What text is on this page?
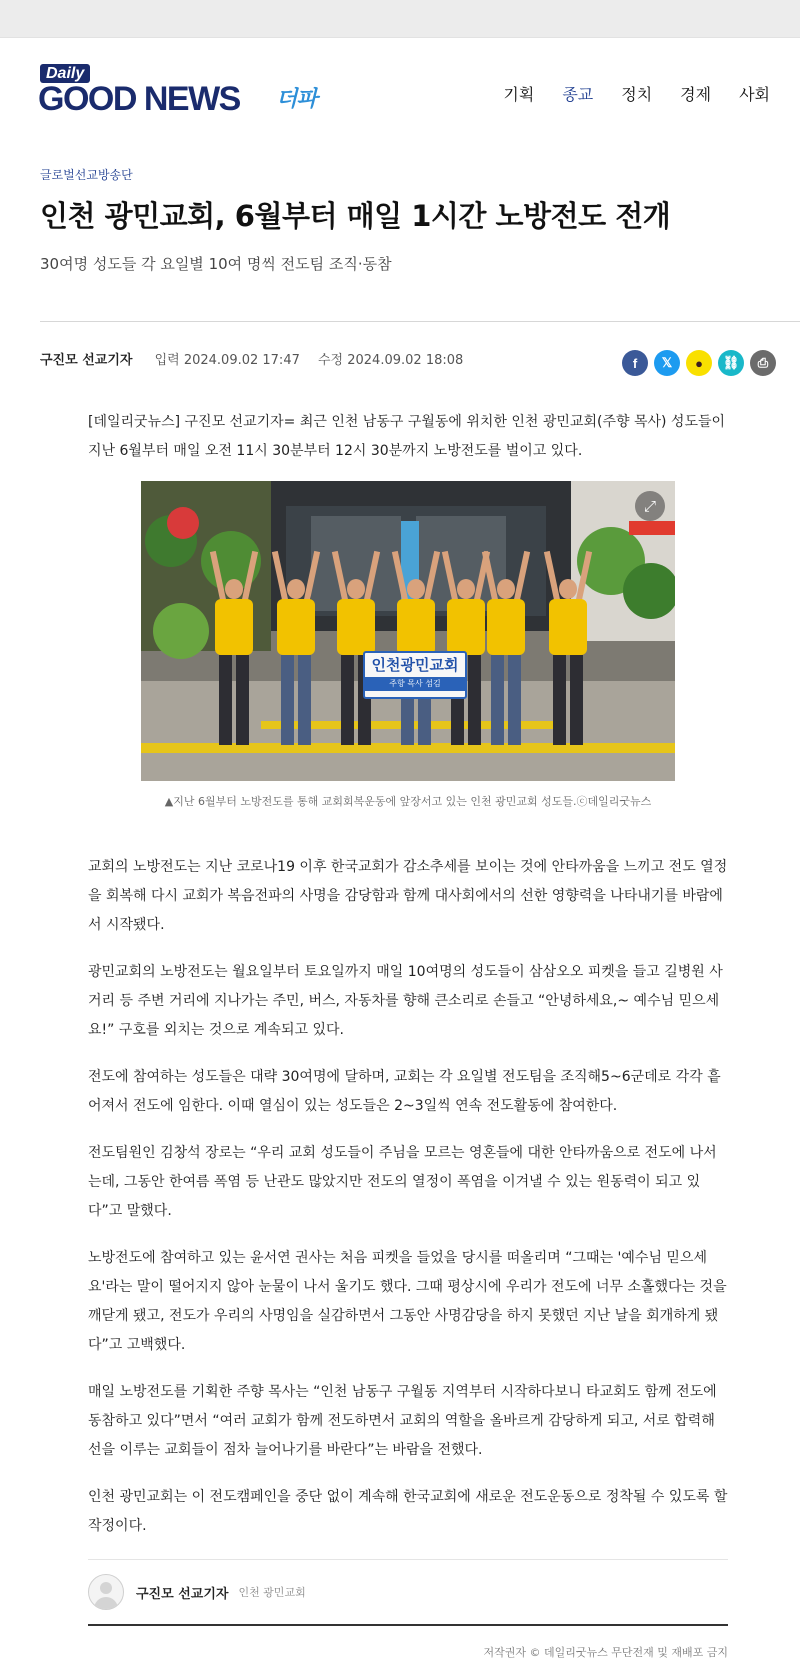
Daily
GOOD NEWS 더파	기획 종교 정치 경제 사회
글로벌선교방송단
인천 광민교회, 6월부터 매일 1시간 노방전도 전개
30여명 성도들 각 요일별 10여 명씩 전도팀 조직·동참
구진모 선교기자 입력 2024.09.02 17:47 수정 2024.09.02 18:08	f	𝕏	●	⛓	⎙

[데일리굿뉴스] 구진모 선교기자= 최근 인천 남동구 구월동에 위치한 인천 광민교회(주향 목사) 성도들이 지난 6월부터 매일 오전 11시 30분부터 12시 30분까지 노방전도를 벌이고 있다.

인천광민교회
주향 목사 섬김
⤢
▲지난 6월부터 노방전도를 통해 교회회복운동에 앞장서고 있는 인천 광민교회 성도들.ⓒ데일리굿뉴스

교회의 노방전도는 지난 코로나19 이후 한국교회가 감소추세를 보이는 것에 안타까움을 느끼고 전도 열정을 회복해 다시 교회가 복음전파의 사명을 감당함과 함께 대사회에서의 선한 영향력을 나타내기를 바람에서 시작됐다.

광민교회의 노방전도는 월요일부터 토요일까지 매일 10여명의 성도들이 삼삼오오 피켓을 들고 길병원 사거리 등 주변 거리에 지나가는 주민, 버스, 자동차를 향해 큰소리로 손들고 “안녕하세요,~ 예수님 믿으세요!” 구호를 외치는 것으로 계속되고 있다.

전도에 참여하는 성도들은 대략 30여명에 달하며, 교회는 각 요일별 전도팀을 조직해5~6군데로 각각 흩어져서 전도에 임한다. 이때 열심이 있는 성도들은 2~3일씩 연속 전도활동에 참여한다.

전도팀원인 김창석 장로는 “우리 교회 성도들이 주님을 모르는 영혼들에 대한 안타까움으로 전도에 나서는데, 그동안 한여름 폭염 등 난관도 많았지만 전도의 열정이 폭염을 이겨낼 수 있는 원동력이 되고 있다”고 말했다.

노방전도에 참여하고 있는 윤서연 권사는 처음 피켓을 들었을 당시를 떠올리며 “그때는 '예수님 믿으세요'라는 말이 떨어지지 않아 눈물이 나서 울기도 했다. 그때 평상시에 우리가 전도에 너무 소홀했다는 것을 깨닫게 됐고, 전도가 우리의 사명임을 실감하면서 그동안 사명감당을 하지 못했던 지난 날을 회개하게 됐다”고 고백했다.

매일 노방전도를 기획한 주향 목사는 “인천 남동구 구월동 지역부터 시작하다보니 타교회도 함께 전도에 동참하고 있다”면서 “여러 교회가 함께 전도하면서 교회의 역할을 올바르게 감당하게 되고, 서로 합력해 선을 이루는 교회들이 점차 늘어나기를 바란다”는 바람을 전했다.

인천 광민교회는 이 전도캠페인을 중단 없이 계속해 한국교회에 새로운 전도운동으로 정착될 수 있도록 할 작정이다.

구진모 선교기자 인천 광민교회
저작권자 © 데일리굿뉴스 무단전재 및 재배포 금지
